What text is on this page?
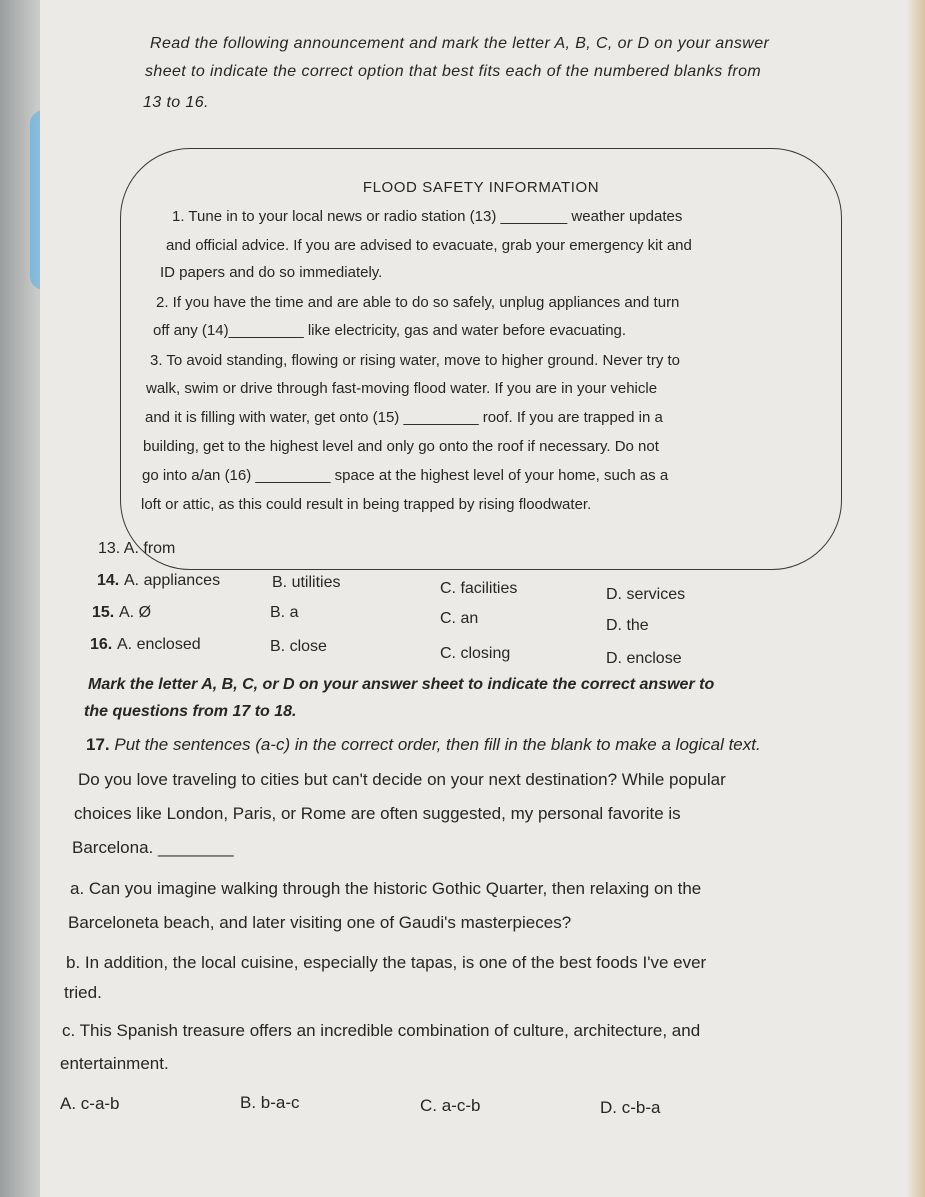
Read the following announcement and mark the letter A, B, C, or D on your answer
sheet to indicate the correct option that best fits each of the numbered blanks from
13 to 16.
FLOOD SAFETY INFORMATION
1. Tune in to your local news or radio station (13) ________ weather updates
and official advice. If you are advised to evacuate, grab your emergency kit and
ID papers and do so immediately.
2. If you have the time and are able to do so safely, unplug appliances and turn
off any (14)_________ like electricity, gas and water before evacuating.
3. To avoid standing, flowing or rising water, move to higher ground. Never try to
walk, swim or drive through fast-moving flood water. If you are in your vehicle
and it is filling with water, get onto (15) _________ roof. If you are trapped in a
building, get to the highest level and only go onto the roof if necessary. Do not
go into a/an (16) _________ space at the highest level of your home, such as a
loft or attic, as this could result in being trapped by rising floodwater.
13. A. from
14. A. appliances	B. utilities	C. facilities	D. services
15. A. Ø	B. a	C. an	D. the
16. A. enclosed	B. close	C. closing	D. enclose
Mark the letter A, B, C, or D on your answer sheet to indicate the correct answer to
the questions from 17 to 18.
17. Put the sentences (a-c) in the correct order, then fill in the blank to make a logical text.
Do you love traveling to cities but can't decide on your next destination? While popular
choices like London, Paris, or Rome are often suggested, my personal favorite is
Barcelona. ________
a. Can you imagine walking through the historic Gothic Quarter, then relaxing on the
Barceloneta beach, and later visiting one of Gaudi's masterpieces?
b. In addition, the local cuisine, especially the tapas, is one of the best foods I've ever
tried.
c. This Spanish treasure offers an incredible combination of culture, architecture, and
entertainment.
A. c-a-b	B. b-a-c	C. a-c-b	D. c-b-a
